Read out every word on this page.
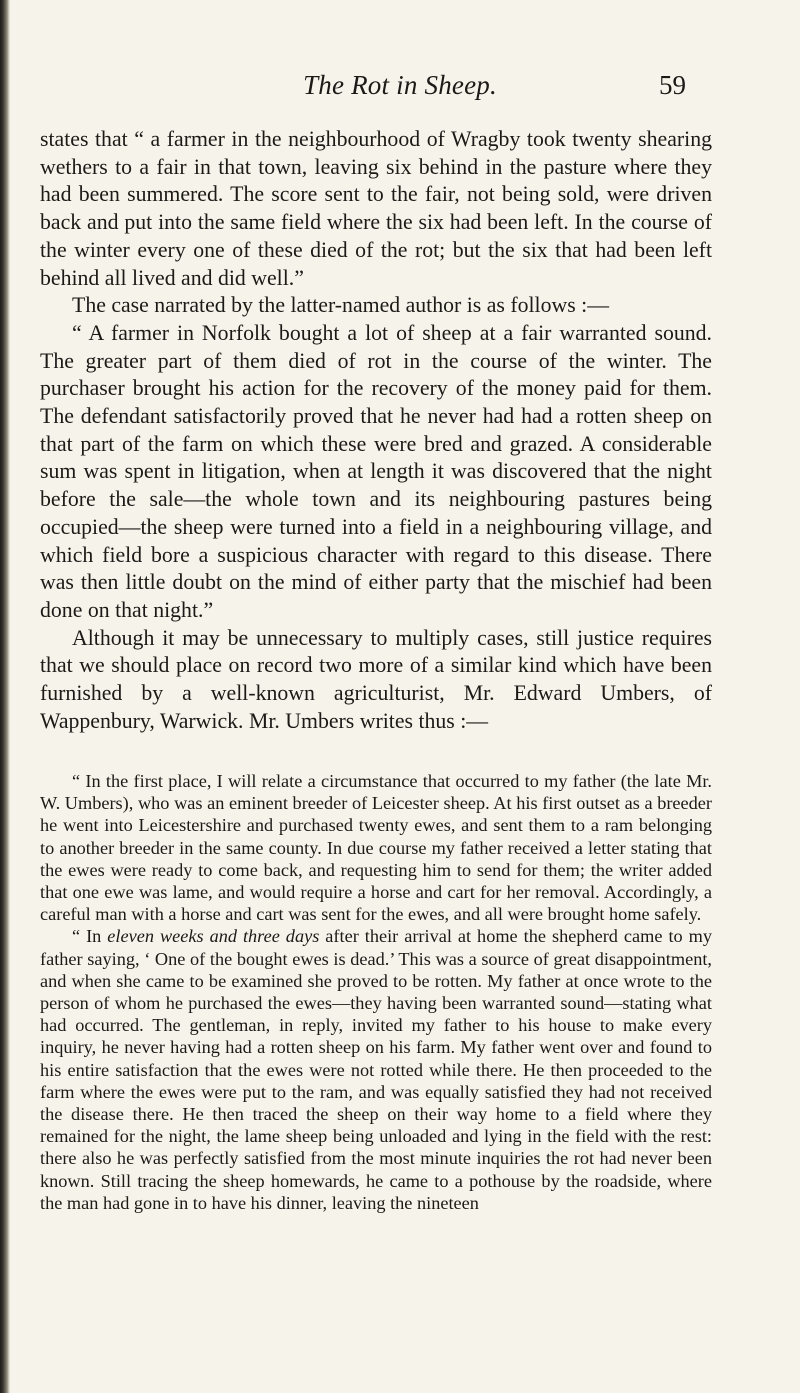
The Rot in Sheep.	59

states that “ a farmer in the neighbourhood of Wragby took twenty shearing wethers to a fair in that town, leaving six behind in the pasture where they had been summered. The score sent to the fair, not being sold, were driven back and put into the same field where the six had been left. In the course of the winter every one of these died of the rot; but the six that had been left behind all lived and did well.”

The case narrated by the latter-named author is as follows :—

“ A farmer in Norfolk bought a lot of sheep at a fair warranted sound. The greater part of them died of rot in the course of the winter. The purchaser brought his action for the recovery of the money paid for them. The defendant satisfactorily proved that he never had had a rotten sheep on that part of the farm on which these were bred and grazed. A considerable sum was spent in litigation, when at length it was discovered that the night before the sale—the whole town and its neighbouring pastures being occupied—the sheep were turned into a field in a neighbouring village, and which field bore a suspicious character with regard to this disease. There was then little doubt on the mind of either party that the mischief had been done on that night.”

Although it may be unnecessary to multiply cases, still justice requires that we should place on record two more of a similar kind which have been furnished by a well-known agriculturist, Mr. Edward Umbers, of Wappenbury, Warwick. Mr. Umbers writes thus :—

“ In the first place, I will relate a circumstance that occurred to my father (the late Mr. W. Umbers), who was an eminent breeder of Leicester sheep. At his first outset as a breeder he went into Leicestershire and purchased twenty ewes, and sent them to a ram belonging to another breeder in the same county. In due course my father received a letter stating that the ewes were ready to come back, and requesting him to send for them; the writer added that one ewe was lame, and would require a horse and cart for her removal. Accordingly, a careful man with a horse and cart was sent for the ewes, and all were brought home safely.

“ In eleven weeks and three days after their arrival at home the shepherd came to my father saying, ‘ One of the bought ewes is dead.’ This was a source of great disappointment, and when she came to be examined she proved to be rotten. My father at once wrote to the person of whom he purchased the ewes—they having been warranted sound—stating what had occurred. The gentleman, in reply, invited my father to his house to make every inquiry, he never having had a rotten sheep on his farm. My father went over and found to his entire satisfaction that the ewes were not rotted while there. He then proceeded to the farm where the ewes were put to the ram, and was equally satisfied they had not received the disease there. He then traced the sheep on their way home to a field where they remained for the night, the lame sheep being unloaded and lying in the field with the rest: there also he was perfectly satisfied from the most minute inquiries the rot had never been known. Still tracing the sheep homewards, he came to a pothouse by the roadside, where the man had gone in to have his dinner, leaving the nineteen
